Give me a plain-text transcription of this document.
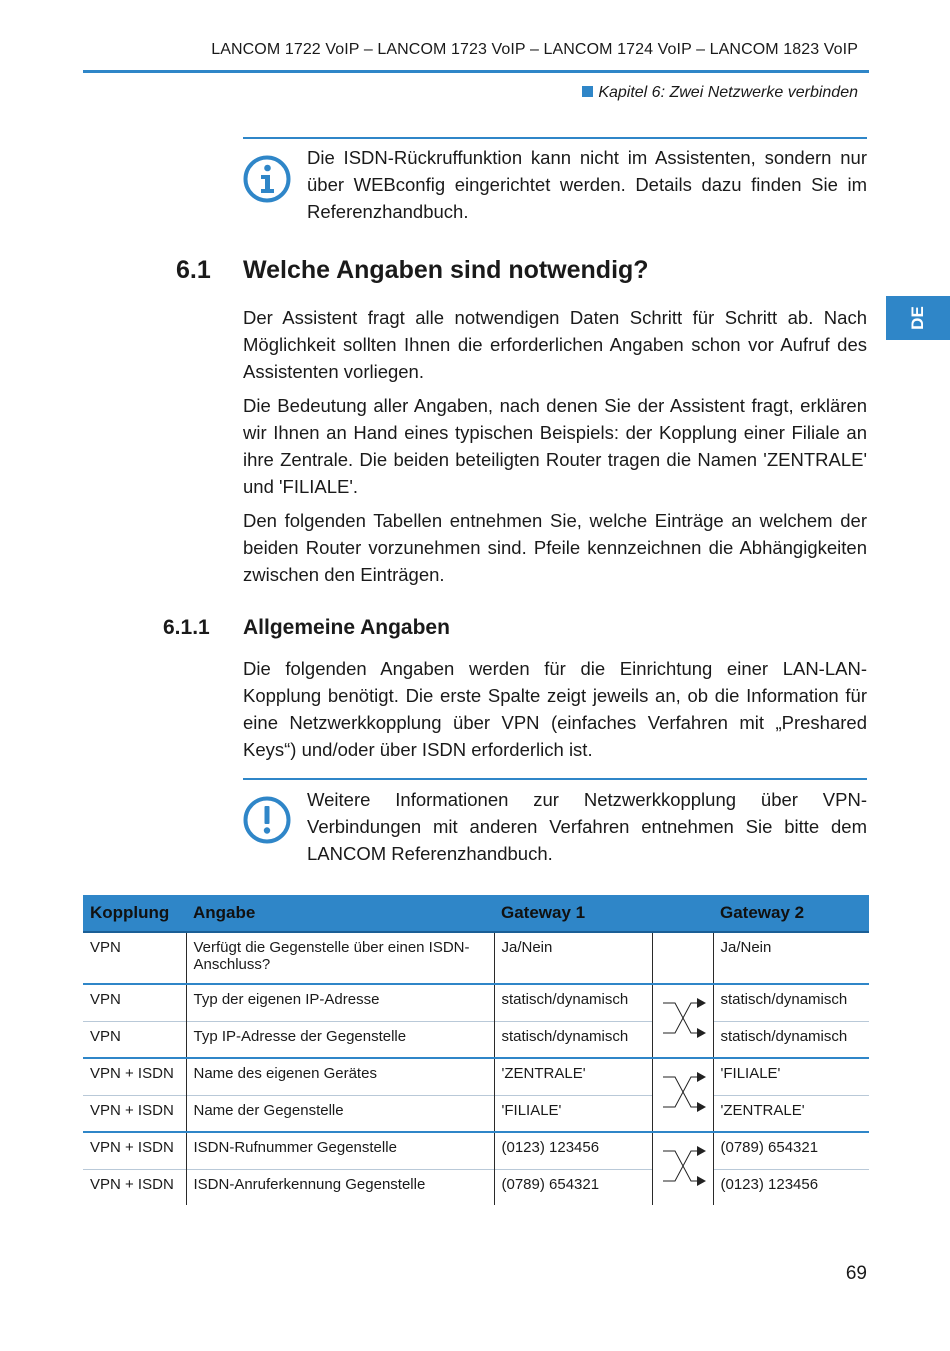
LANCOM 1722 VoIP – LANCOM 1723 VoIP – LANCOM 1724 VoIP – LANCOM 1823 VoIP
Kapitel 6: Zwei Netzwerke verbinden
DE
Die ISDN-Rückruffunktion kann nicht im Assistenten, sondern nur über WEBconfig eingerichtet werden. Details dazu finden Sie im Referenzhandbuch.
6.1 Welche Angaben sind notwendig?

Der Assistent fragt alle notwendigen Daten Schritt für Schritt ab. Nach Möglichkeit sollten Ihnen die erforderlichen Angaben schon vor Aufruf des Assistenten vorliegen.

Die Bedeutung aller Angaben, nach denen Sie der Assistent fragt, erklären wir Ihnen an Hand eines typischen Beispiels: der Kopplung einer Filiale an ihre Zentrale. Die beiden beteiligten Router tragen die Namen 'ZENTRALE' und 'FILIALE'.

Den folgenden Tabellen entnehmen Sie, welche Einträge an welchem der beiden Router vorzunehmen sind. Pfeile kennzeichnen die Abhängigkeiten zwischen den Einträgen.

6.1.1 Allgemeine Angaben

Die folgenden Angaben werden für die Einrichtung einer LAN-LAN-Kopplung benötigt. Die erste Spalte zeigt jeweils an, ob die Information für eine Netzwerkkopplung über VPN (einfaches Verfahren mit „Preshared Keys“) und/oder über ISDN erforderlich ist.

Weitere Informationen zur Netzwerkkopplung über VPN-Verbindungen mit anderen Verfahren entnehmen Sie bitte dem LANCOM Referenzhandbuch.
Kopplung	Angabe	Gateway 1		Gateway 2
VPN	Verfügt die Gegenstelle über einen ISDN-Anschluss?	Ja/Nein		Ja/Nein
VPN	Typ der eigenen IP-Adresse	statisch/dynamisch		statisch/dynamisch
VPN	Typ IP-Adresse der Gegenstelle	statisch/dynamisch		statisch/dynamisch
VPN + ISDN	Name des eigenen Gerätes	'ZENTRALE'		'FILIALE'
VPN + ISDN	Name der Gegenstelle	'FILIALE'		'ZENTRALE'
VPN + ISDN	ISDN-Rufnummer Gegenstelle	(0123) 123456		(0789) 654321
VPN + ISDN	ISDN-Anruferkennung Gegenstelle	(0789) 654321		(0123) 123456
69
